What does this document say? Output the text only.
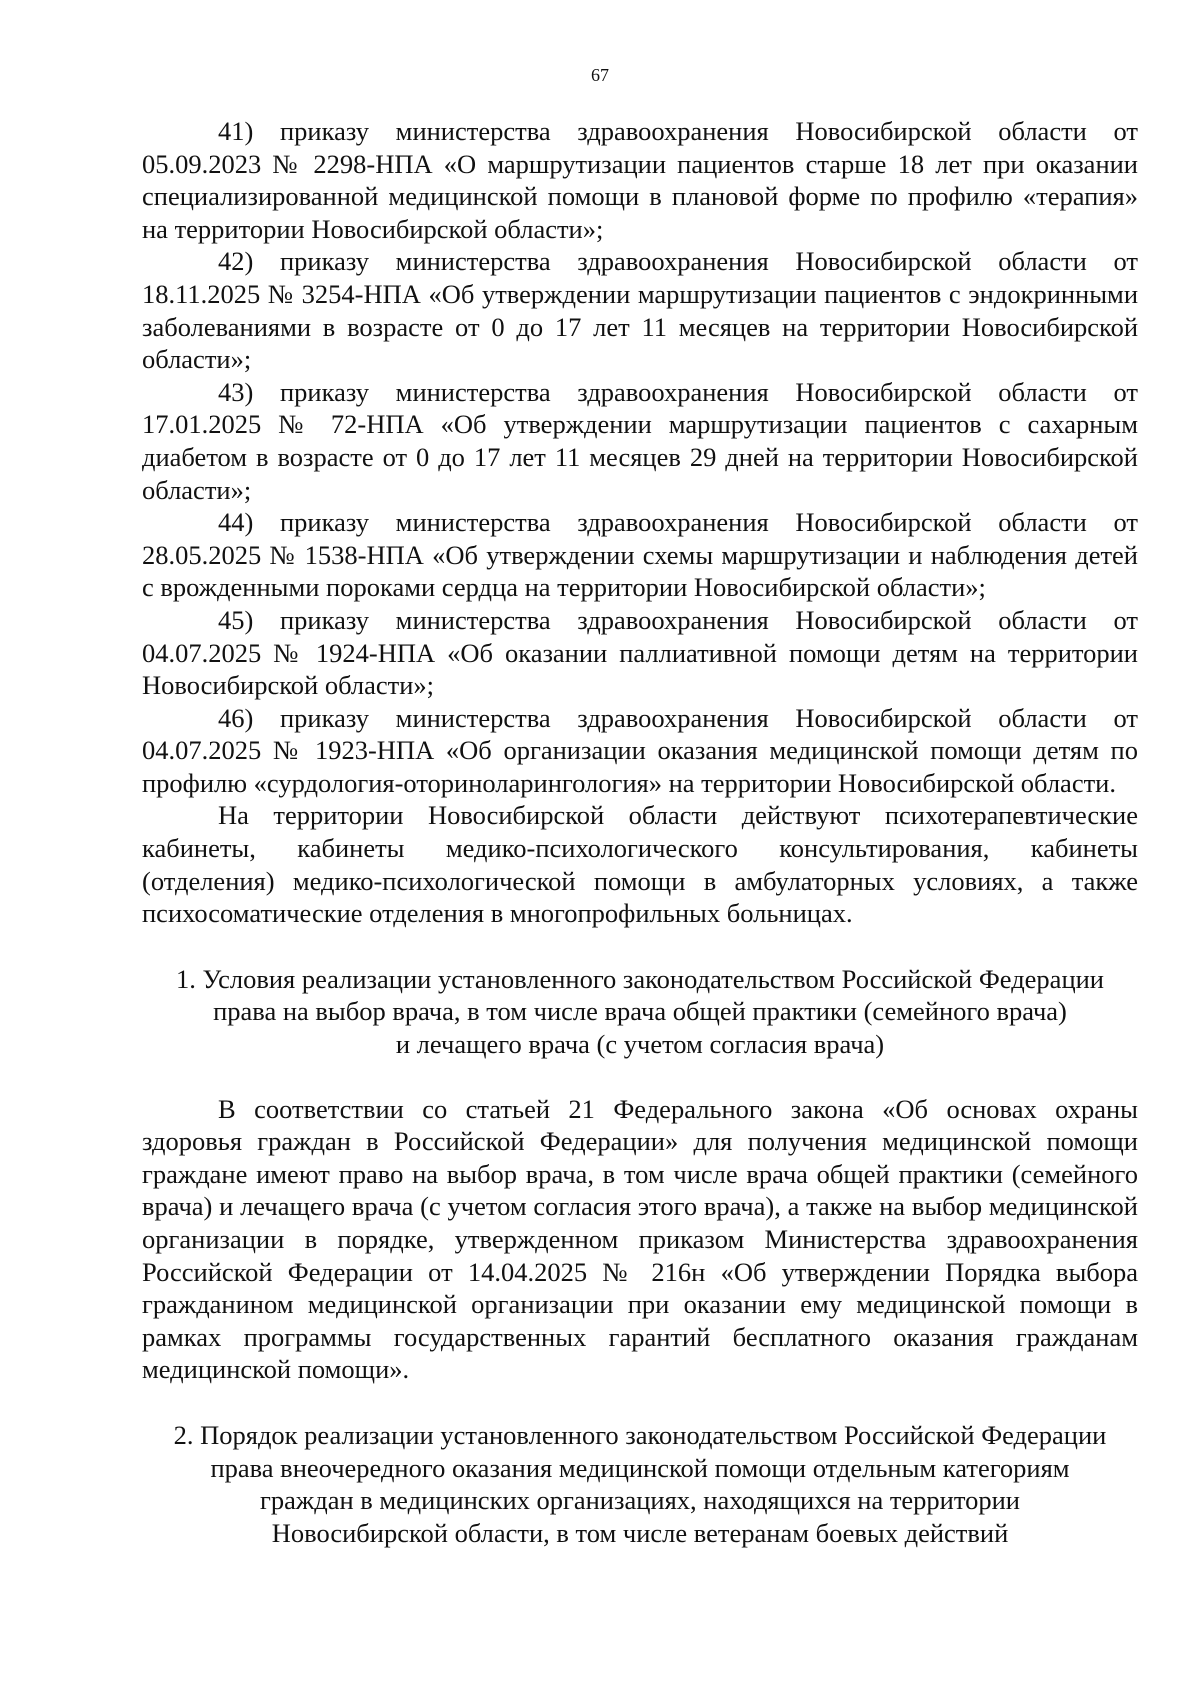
67

41) приказу министерства здравоохранения Новосибирской области от 05.09.2023 № 2298-НПА «О маршрутизации пациентов старше 18 лет при оказании специализированной медицинской помощи в плановой форме по профилю «терапия» на территории Новосибирской области»;

42) приказу министерства здравоохранения Новосибирской области от 18.11.2025 № 3254-НПА «Об утверждении маршрутизации пациентов с эндокринными заболеваниями в возрасте от 0 до 17 лет 11 месяцев на территории Новосибирской области»;

43) приказу министерства здравоохранения Новосибирской области от 17.01.2025 № 72-НПА «Об утверждении маршрутизации пациентов с сахарным диабетом в возрасте от 0 до 17 лет 11 месяцев 29 дней на территории Новосибирской области»;

44) приказу министерства здравоохранения Новосибирской области от 28.05.2025 № 1538-НПА «Об утверждении схемы маршрутизации и наблюдения детей с врожденными пороками сердца на территории Новосибирской области»;

45) приказу министерства здравоохранения Новосибирской области от 04.07.2025 № 1924-НПА «Об оказании паллиативной помощи детям на территории Новосибирской области»;

46) приказу министерства здравоохранения Новосибирской области от 04.07.2025 № 1923-НПА «Об организации оказания медицинской помощи детям по профилю «сурдология-оториноларингология» на территории Новосибирской области.

На территории Новосибирской области действуют психотерапевтические кабинеты, кабинеты медико-психологического консультирования, кабинеты (отделения) медико-психологической помощи в амбулаторных условиях, а также психосоматические отделения в многопрофильных больницах.

1. Условия реализации установленного законодательством Российской Федерации
права на выбор врача, в том числе врача общей практики (семейного врача)
и лечащего врача (с учетом согласия врача)

В соответствии со статьей 21 Федерального закона «Об основах охраны здоровья граждан в Российской Федерации» для получения медицинской помощи граждане имеют право на выбор врача, в том числе врача общей практики (семейного врача) и лечащего врача (с учетом согласия этого врача), а также на выбор медицинской организации в порядке, утвержденном приказом Министерства здравоохранения Российской Федерации от 14.04.2025 № 216н «Об утверждении Порядка выбора гражданином медицинской организации при оказании ему медицинской помощи в рамках программы государственных гарантий бесплатного оказания гражданам медицинской помощи».

2. Порядок реализации установленного законодательством Российской Федерации
права внеочередного оказания медицинской помощи отдельным категориям
граждан в медицинских организациях, находящихся на территории
Новосибирской области, в том числе ветеранам боевых действий
